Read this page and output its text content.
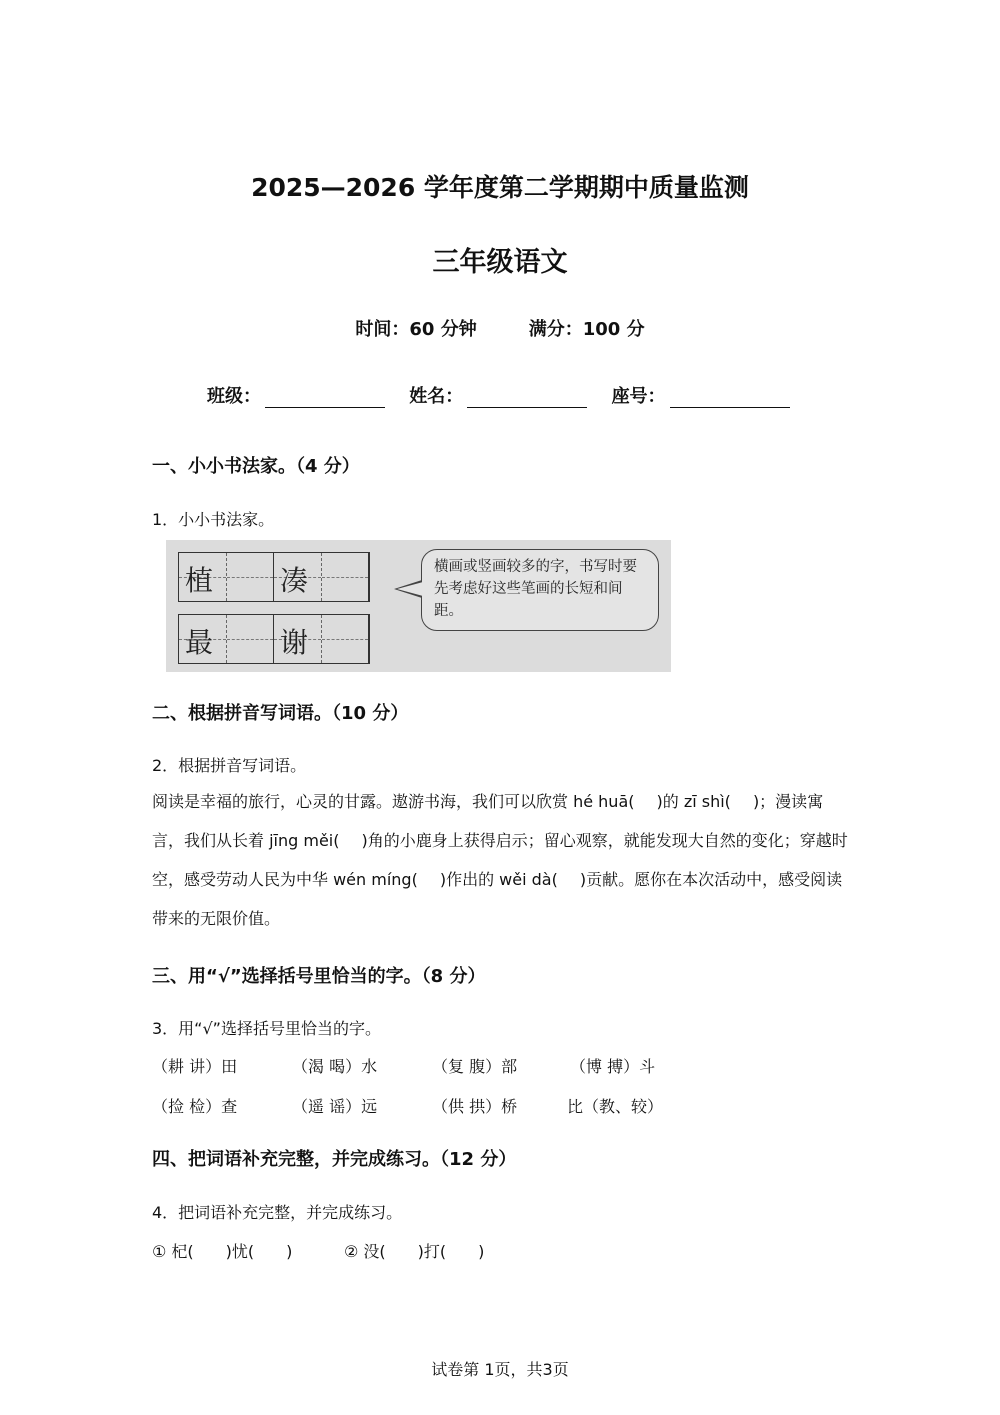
2025—2026 学年度第二学期期中质量监测
三年级语文
时间：60 分钟	满分：100 分
班级：	姓名：	座号：
一、小小书法家。（4 分）
1．小小书法家。
植 凑
最 谢
横画或竖画较多的字，书写时要先考虑好这些笔画的长短和间距。
二、根据拼音写词语。（10 分）
2．根据拼音写词语。
阅读是幸福的旅行，心灵的甘露。遨游书海，我们可以欣赏 hé huā( )的 zī shì( )；漫读寓言，我们从长着 jīng měi( )角的小鹿身上获得启示；留心观察，就能发现大自然的变化；穿越时空，感受劳动人民为中华 wén míng( )作出的 wěi dà( )贡献。愿你在本次活动中，感受阅读带来的无限价值。
三、用“√”选择括号里恰当的字。（8 分）
3．用“√”选择括号里恰当的字。
（耕 讲）田	（渴 喝）水	（复 腹）部	（博 搏）斗
（捡 检）查	（遥 谣）远	（供 拱）桥	比（教、较）
四、把词语补充完整，并完成练习。（12 分）
4．把词语补充完整，并完成练习。
① 杞(　　)忧(　　)	② 没(　　)打(　　)
试卷第 1页，共3页
